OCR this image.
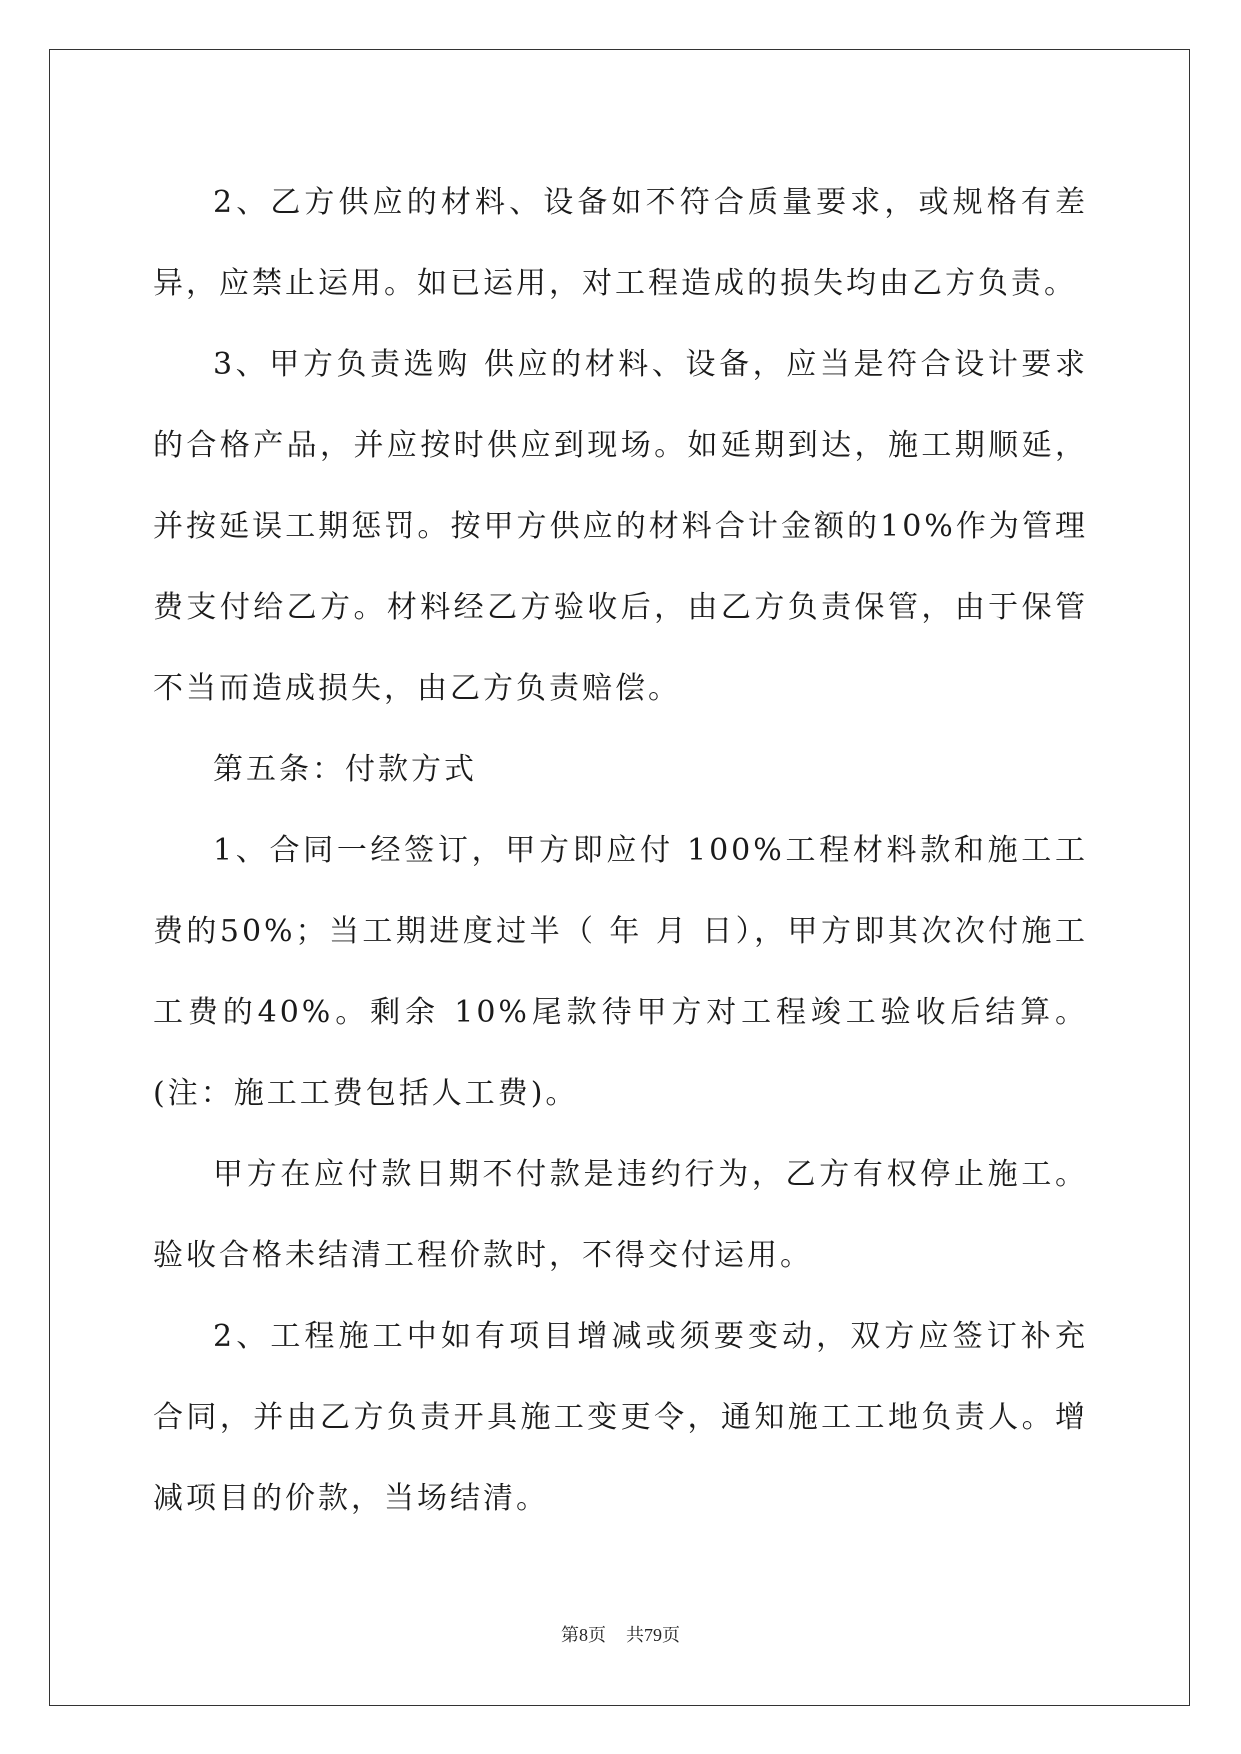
2、乙方供应的材料、设备如不符合质量要求，或规格有差异，应禁止运用。如已运用，对工程造成的损失均由乙方负责。

3、甲方负责选购 供应的材料、设备，应当是符合设计要求的合格产品，并应按时供应到现场。如延期到达，施工期顺延，并按延误工期惩罚。按甲方供应的材料合计金额的10%作为管理费支付给乙方。材料经乙方验收后，由乙方负责保管，由于保管不当而造成损失，由乙方负责赔偿。

第五条：付款方式

1、合同一经签订，甲方即应付 100%工程材料款和施工工费的50%；当工期进度过半（ 年 月 日），甲方即其次次付施工工费的40%。剩余 10%尾款待甲方对工程竣工验收后结算。(注：施工工费包括人工费)。

甲方在应付款日期不付款是违约行为，乙方有权停止施工。验收合格未结清工程价款时，不得交付运用。

2、工程施工中如有项目增减或须要变动，双方应签订补充合同，并由乙方负责开具施工变更令，通知施工工地负责人。增减项目的价款，当场结清。

第8页 共79页
